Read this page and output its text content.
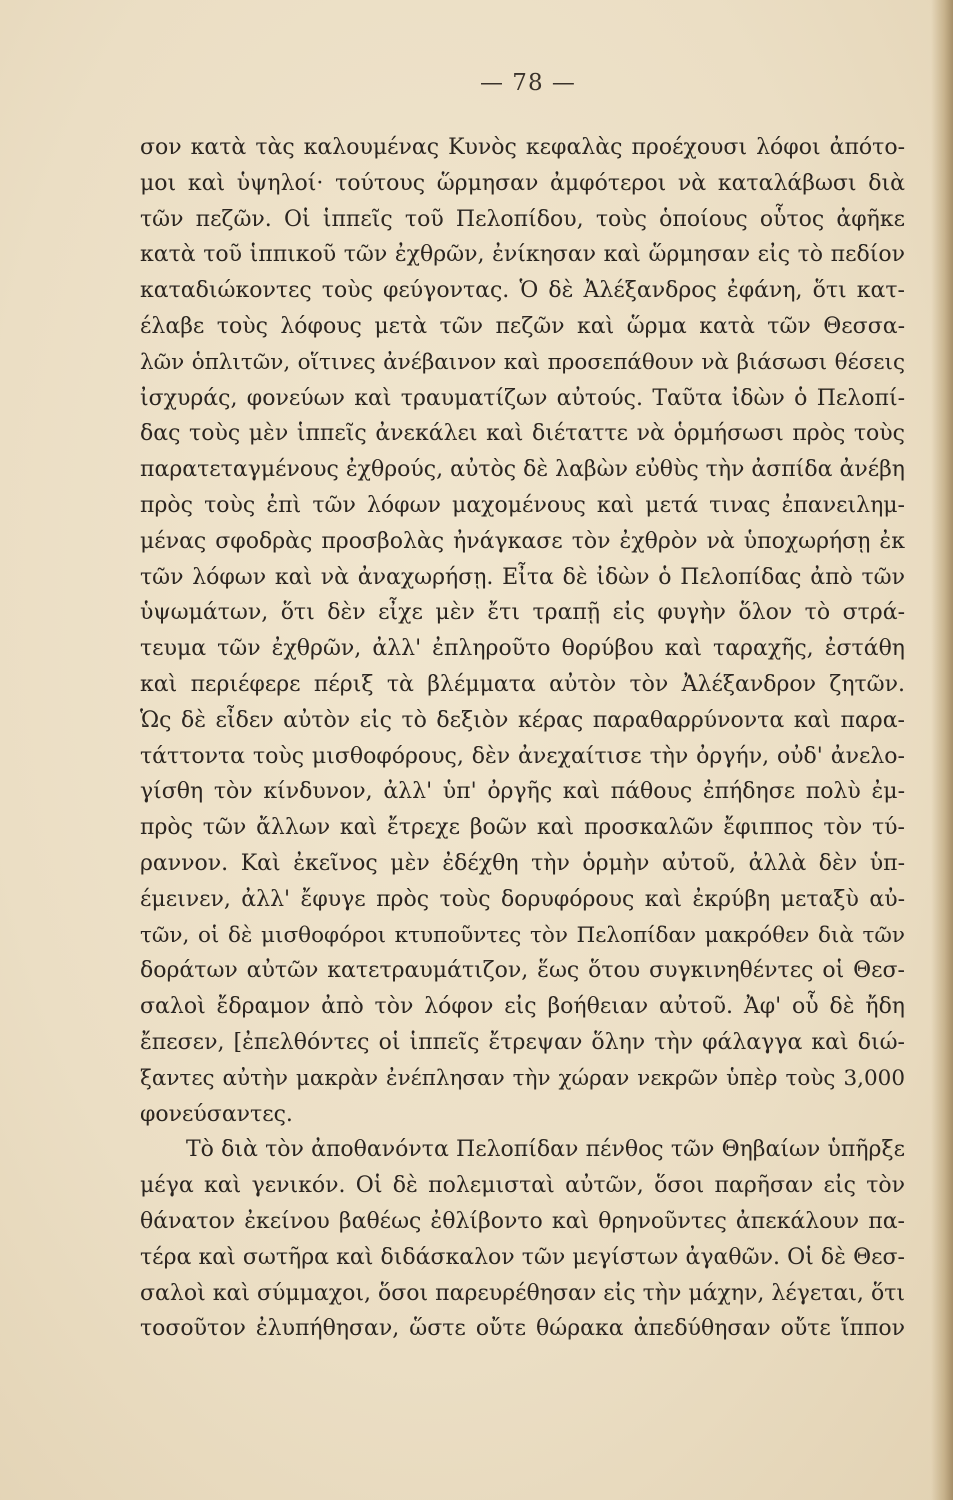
— 78 —
σον κατὰ τὰς καλουμένας Κυνὸς κεφαλὰς προέχουσι λόφοι ἀπότο-
μοι καὶ ὑψηλοί· τούτους ὥρμησαν ἀμφότεροι νὰ καταλάβωσι διὰ
τῶν πεζῶν. Οἱ ἱππεῖς τοῦ Πελοπίδου, τοὺς ὁποίους οὗτος ἀφῆκε
κατὰ τοῦ ἱππικοῦ τῶν ἐχθρῶν, ἐνίκησαν καὶ ὥρμησαν εἰς τὸ πεδίον
καταδιώκοντες τοὺς φεύγοντας. Ὁ δὲ Ἀλέξανδρος ἐφάνη, ὅτι κατ-
έλαβε τοὺς λόφους μετὰ τῶν πεζῶν καὶ ὥρμα κατὰ τῶν Θεσσα-
λῶν ὁπλιτῶν, οἵτινες ἀνέβαινον καὶ προσεπάθουν νὰ βιάσωσι θέσεις
ἰσχυράς, φονεύων καὶ τραυματίζων αὐτούς. Ταῦτα ἰδὼν ὁ Πελοπί-
δας τοὺς μὲν ἱππεῖς ἀνεκάλει καὶ διέταττε νὰ ὁρμήσωσι πρὸς τοὺς
παρατεταγμένους ἐχθρούς, αὐτὸς δὲ λαβὼν εὐθὺς τὴν ἀσπίδα ἀνέβη
πρὸς τοὺς ἐπὶ τῶν λόφων μαχομένους καὶ μετά τινας ἐπανειλημ-
μένας σφοδρὰς προσβολὰς ἠνάγκασε τὸν ἐχθρὸν νὰ ὑποχωρήσῃ ἐκ
τῶν λόφων καὶ νὰ ἀναχωρήσῃ. Εἶτα δὲ ἰδὼν ὁ Πελοπίδας ἀπὸ τῶν
ὑψωμάτων, ὅτι δὲν εἶχε μὲν ἔτι τραπῇ εἰς φυγὴν ὅλον τὸ στρά-
τευμα τῶν ἐχθρῶν, ἀλλ' ἐπληροῦτο θορύβου καὶ ταραχῆς, ἐστάθη
καὶ περιέφερε πέριξ τὰ βλέμματα αὐτὸν τὸν Ἀλέξανδρον ζητῶν.
Ὡς δὲ εἶδεν αὐτὸν εἰς τὸ δεξιὸν κέρας παραθαρρύνοντα καὶ παρα-
τάττοντα τοὺς μισθοφόρους, δὲν ἀνεχαίτισε τὴν ὀργήν, οὐδ' ἀνελο-
γίσθη τὸν κίνδυνον, ἀλλ' ὑπ' ὀργῆς καὶ πάθους ἐπήδησε πολὺ ἐμ-
πρὸς τῶν ἄλλων καὶ ἔτρεχε βοῶν καὶ προσκαλῶν ἔφιππος τὸν τύ-
ραννον. Καὶ ἐκεῖνος μὲν ἐδέχθη τὴν ὁρμὴν αὐτοῦ, ἀλλὰ δὲν ὑπ-
έμεινεν, ἀλλ' ἔφυγε πρὸς τοὺς δορυφόρους καὶ ἐκρύβη μεταξὺ αὐ-
τῶν, οἱ δὲ μισθοφόροι κτυποῦντες τὸν Πελοπίδαν μακρόθεν διὰ τῶν
δοράτων αὐτῶν κατετραυμάτιζον, ἕως ὅτου συγκινηθέντες οἱ Θεσ-
σαλοὶ ἔδραμον ἀπὸ τὸν λόφον εἰς βοήθειαν αὐτοῦ. Ἀφ' οὗ δὲ ἤδη
ἔπεσεν, [ἐπελθόντες οἱ ἱππεῖς ἔτρεψαν ὅλην τὴν φάλαγγα καὶ διώ-
ξαντες αὐτὴν μακρὰν ἐνέπλησαν τὴν χώραν νεκρῶν ὑπὲρ τοὺς 3,000
φονεύσαντες.
Τὸ διὰ τὸν ἀποθανόντα Πελοπίδαν πένθος τῶν Θηβαίων ὑπῆρξε
μέγα καὶ γενικόν. Οἱ δὲ πολεμισταὶ αὐτῶν, ὅσοι παρῆσαν εἰς τὸν
θάνατον ἐκείνου βαθέως ἐθλίβοντο καὶ θρηνοῦντες ἀπεκάλουν πα-
τέρα καὶ σωτῆρα καὶ διδάσκαλον τῶν μεγίστων ἀγαθῶν. Οἱ δὲ Θεσ-
σαλοὶ καὶ σύμμαχοι, ὅσοι παρευρέθησαν εἰς τὴν μάχην, λέγεται, ὅτι
τοσοῦτον ἐλυπήθησαν, ὥστε οὔτε θώρακα ἀπεδύθησαν οὔτε ἵππον
